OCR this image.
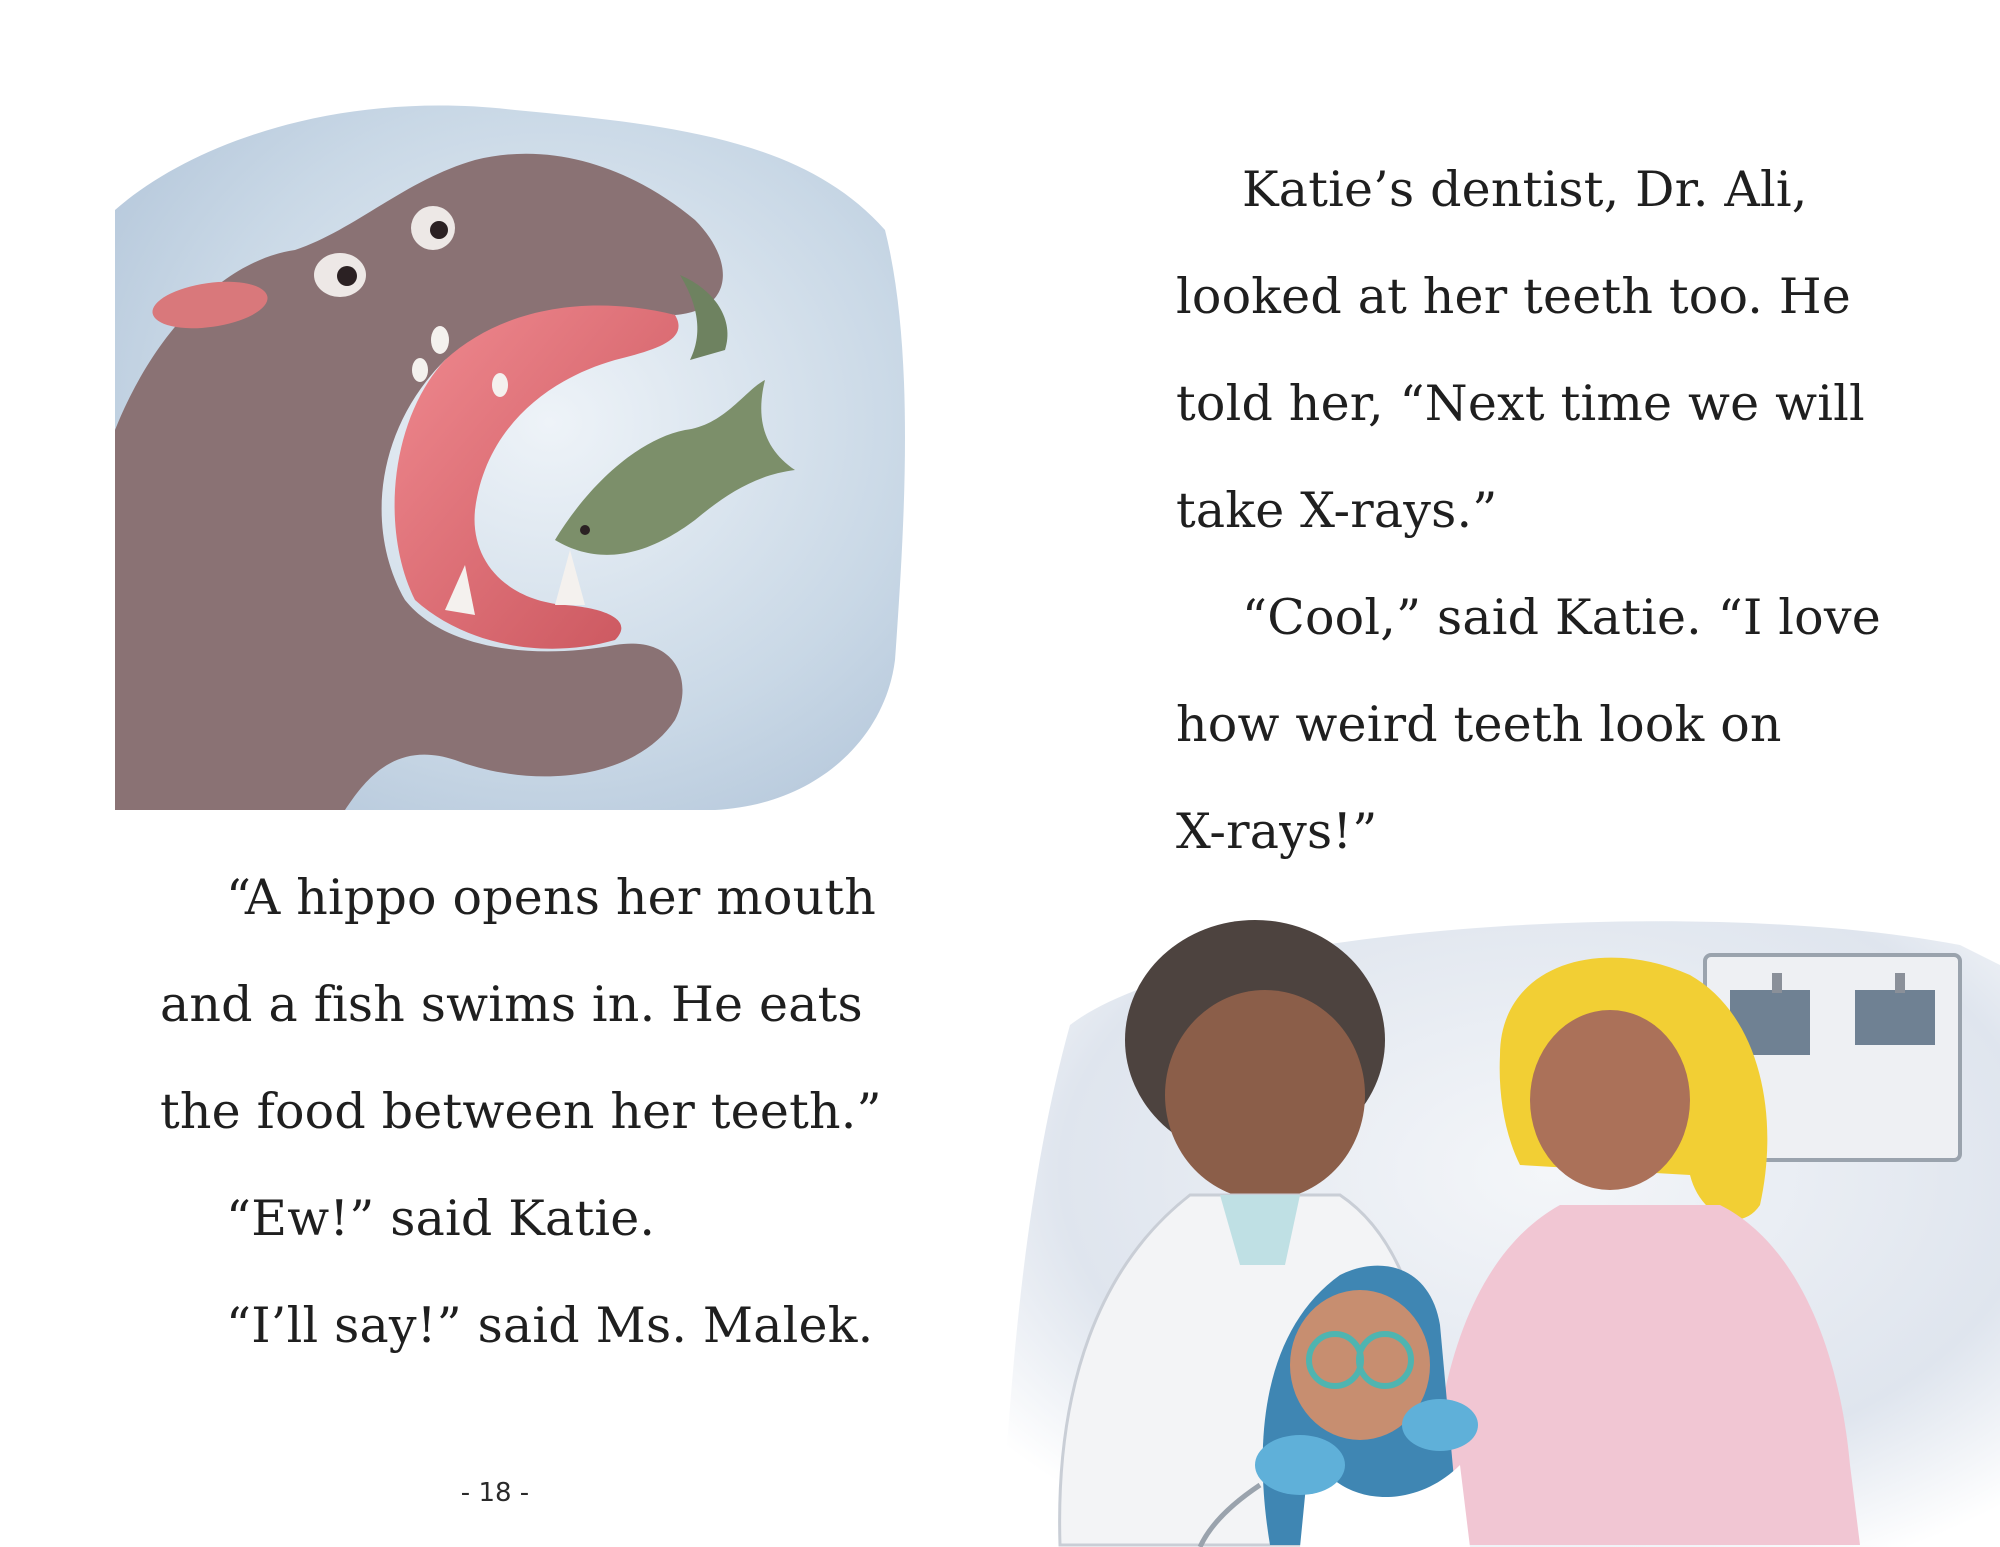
“A hippo opens her mouth

and a fish swims in. He eats

the food between her teeth.”

“Ew!” said Katie.

“I’ll say!” said Ms. Malek.

- 18 -

Katie’s dentist, Dr. Ali,

looked at her teeth too. He

told her, “Next time we will

take X-rays.”

“Cool,” said Katie. “I love

how weird teeth look on

X-rays!”
